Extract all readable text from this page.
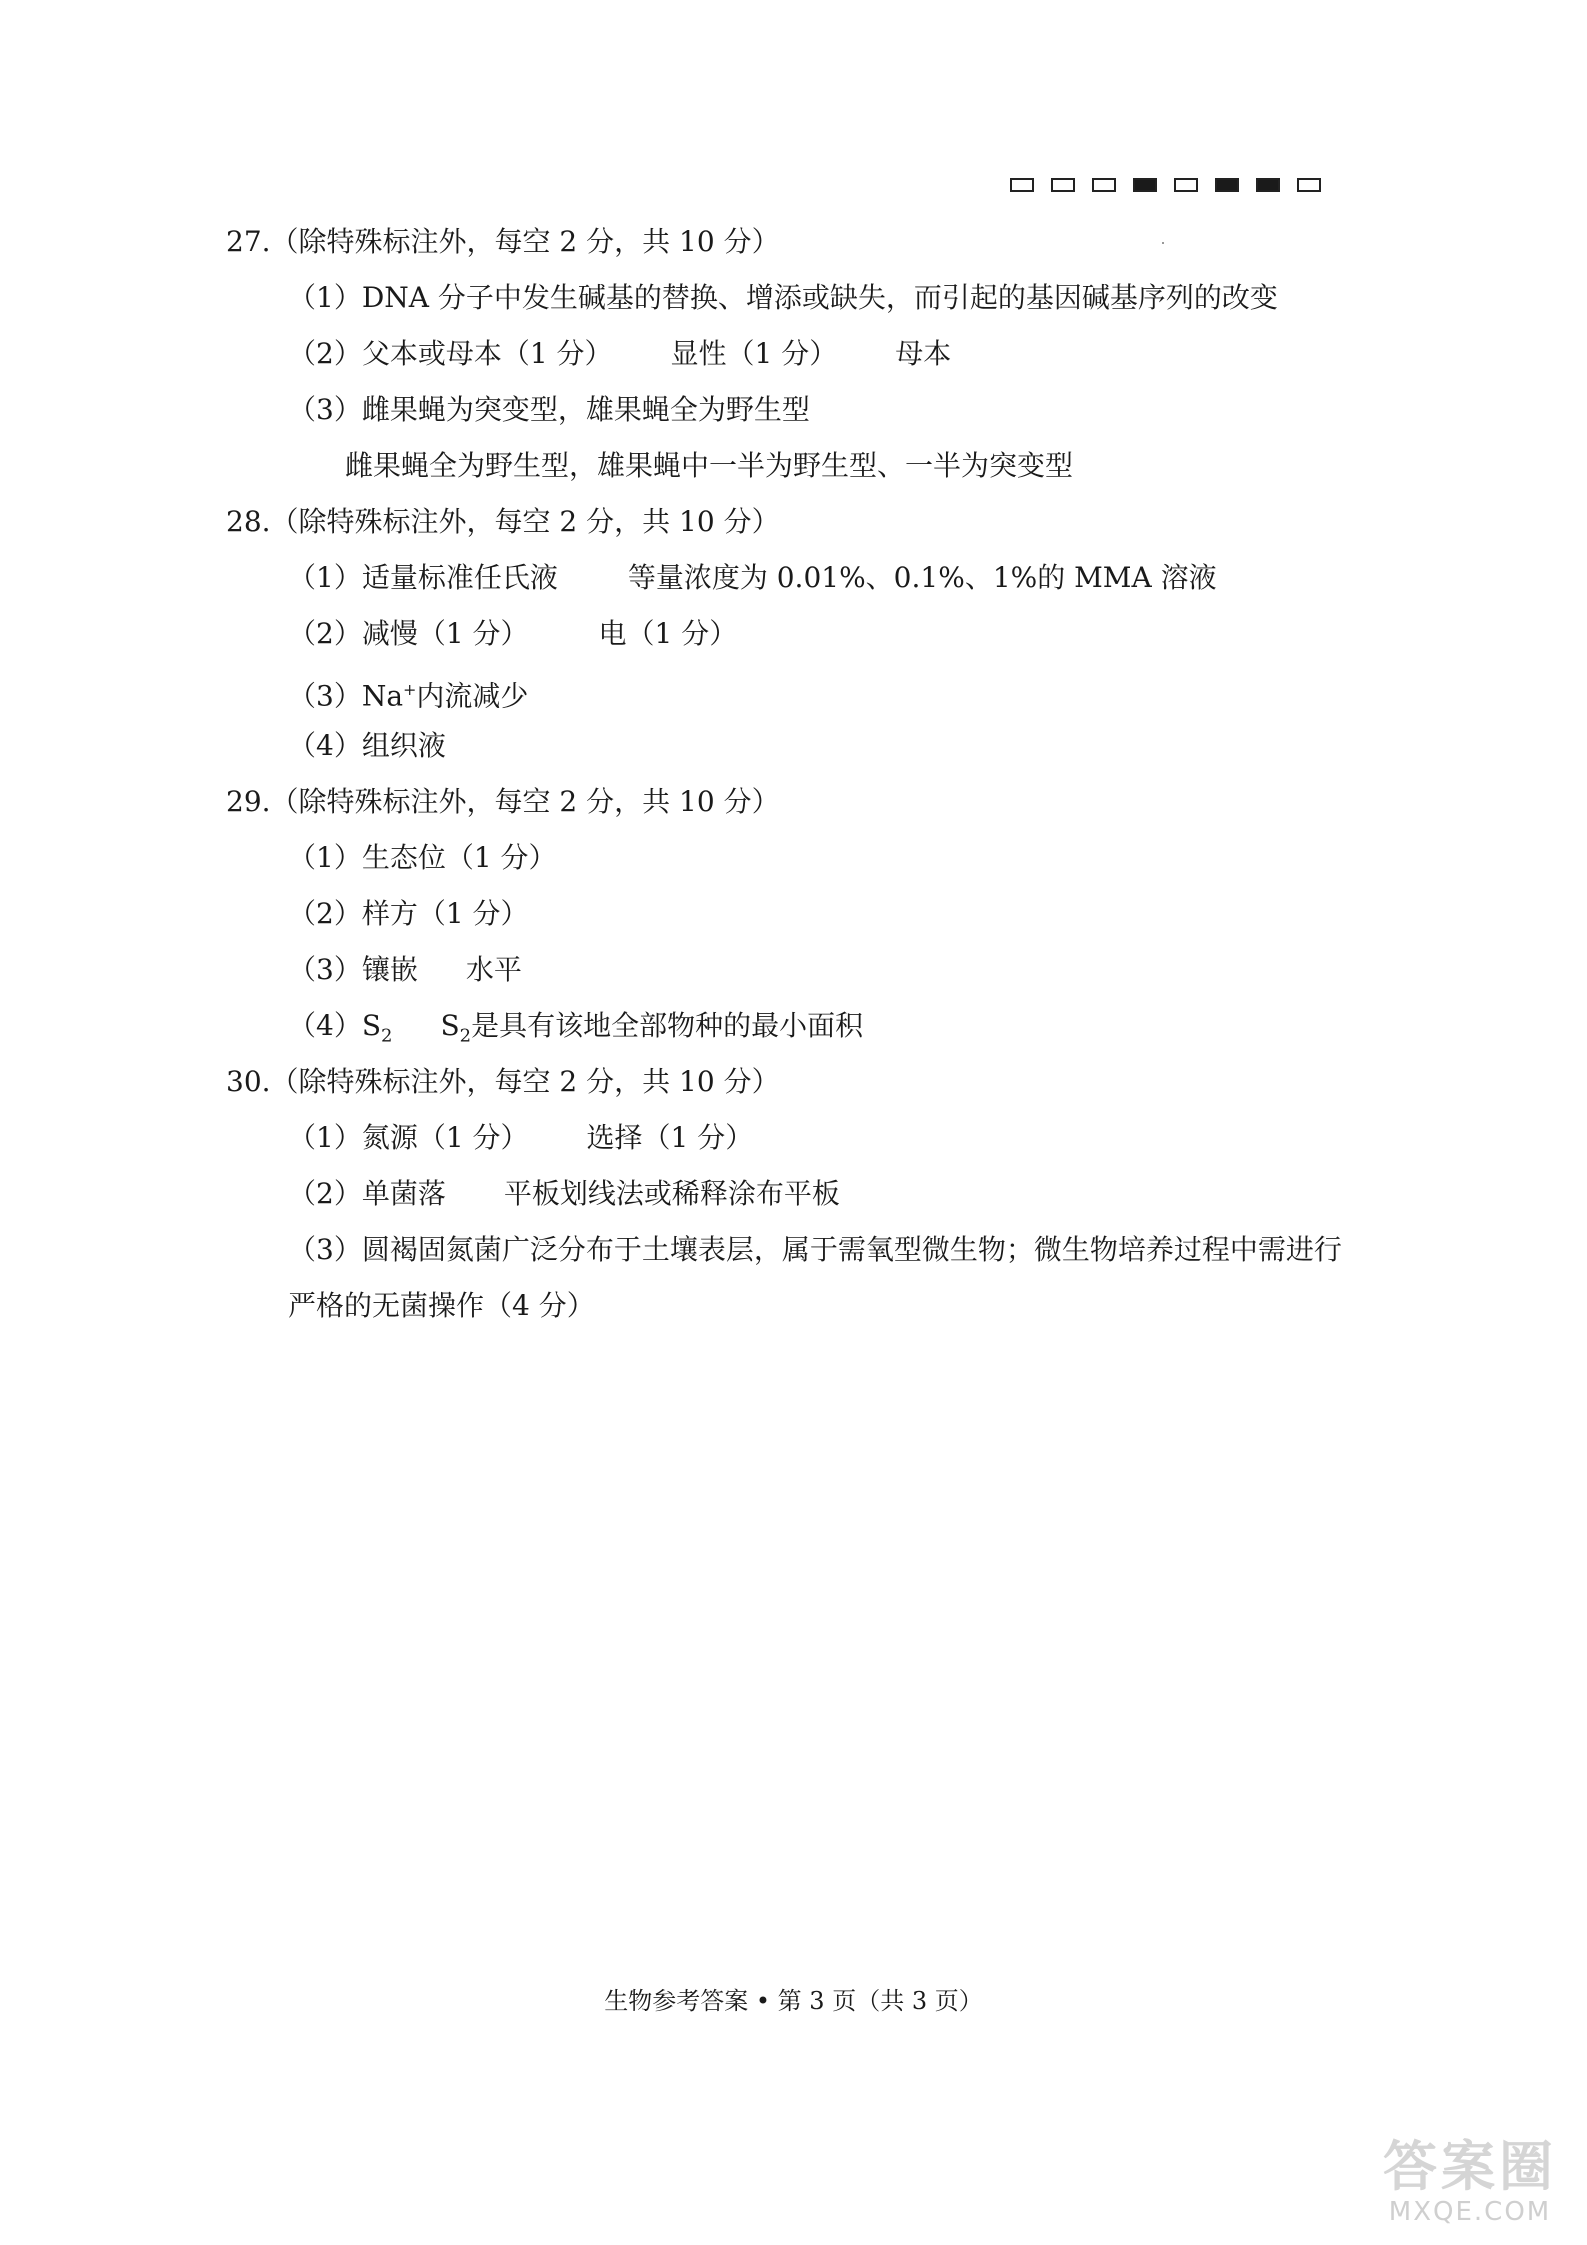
27.（除特殊标注外，每空 2 分，共 10 分）
（1）DNA 分子中发生碱基的替换、增添或缺失，而引起的基因碱基序列的改变
（2）父本或母本（1 分） 显性（1 分） 母本
（3）雌果蝇为突变型，雄果蝇全为野生型
雌果蝇全为野生型，雄果蝇中一半为野生型、一半为突变型
28.（除特殊标注外，每空 2 分，共 10 分）
（1）适量标准任氏液	等量浓度为 0.01%、0.1%、1%的 MMA 溶液
（2）减慢（1 分）	电（1 分）
（3）Na+内流减少
（4）组织液
29.（除特殊标注外，每空 2 分，共 10 分）
（1）生态位（1 分）
（2）样方（1 分）
（3）镶嵌 水平
$(4)S_2$ $S_2$是具有该地全部物种的最小面积
30.（除特殊标注外，每空 2 分，共 10 分）
（1）氮源（1 分） 选择（1 分）
（2）单菌落 平板划线法或稀释涂布平板
（3）圆褐固氮菌广泛分布于土壤表层，属于需氧型微生物；微生物培养过程中需进行
严格的无菌操作（4 分）
生物参考答案 • 第 3 页（共 3 页）
答案圈
MXQE.COM
